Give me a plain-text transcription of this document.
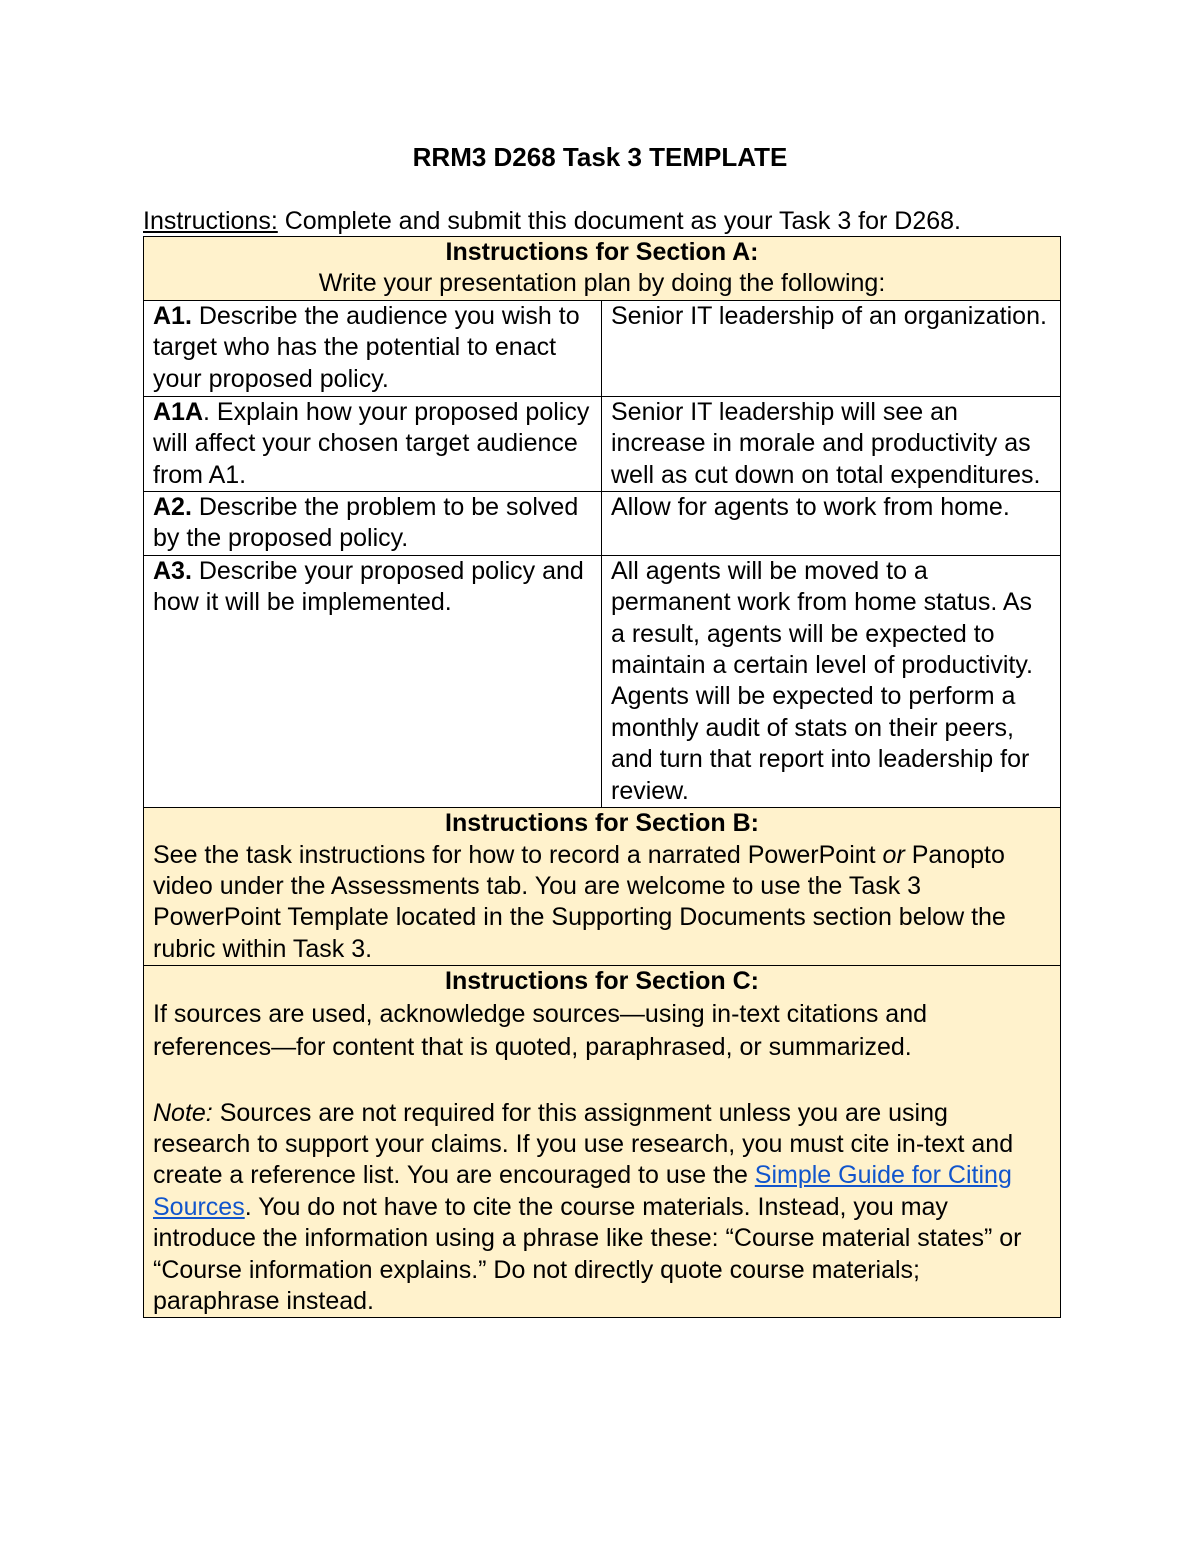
RRM3 D268 Task 3 TEMPLATE
Instructions: Complete and submit this document as your Task 3 for D268.
Instructions for Section A:
Write your presentation plan by doing the following:	

A1. Describe the audience you wish to target who has the potential to enact your proposed policy.	Senior IT leadership of an organization.
A1A. Explain how your proposed policy will affect your chosen target audience from A1.	Senior IT leadership will see an increase in morale and productivity as well as cut down on total expenditures.
A2. Describe the problem to be solved by the proposed policy.	Allow for agents to work from home.
A3. Describe your proposed policy and how it will be implemented.	All agents will be moved to a permanent work from home status. As a result, agents will be expected to maintain a certain level of productivity. Agents will be expected to perform a monthly audit of stats on their peers, and turn that report into leadership for review.

Instructions for Section B:
See the task instructions for how to record a narrated PowerPoint or Panopto video under the Assessments tab. You are welcome to use the Task 3 PowerPoint Template located in the Supporting Documents section below the rubric within Task 3.	

Instructions for Section C:
If sources are used, acknowledge sources—using in-text citations and references—for content that is quoted, paraphrased, or summarized.
Note: Sources are not required for this assignment unless you are using research to support your claims. If you use research, you must cite in-text and create a reference list. You are encouraged to use the Simple Guide for Citing Sources. You do not have to cite the course materials. Instead, you may introduce the information using a phrase like these: “Course material states” or “Course information explains.” Do not directly quote course materials; paraphrase instead.	
